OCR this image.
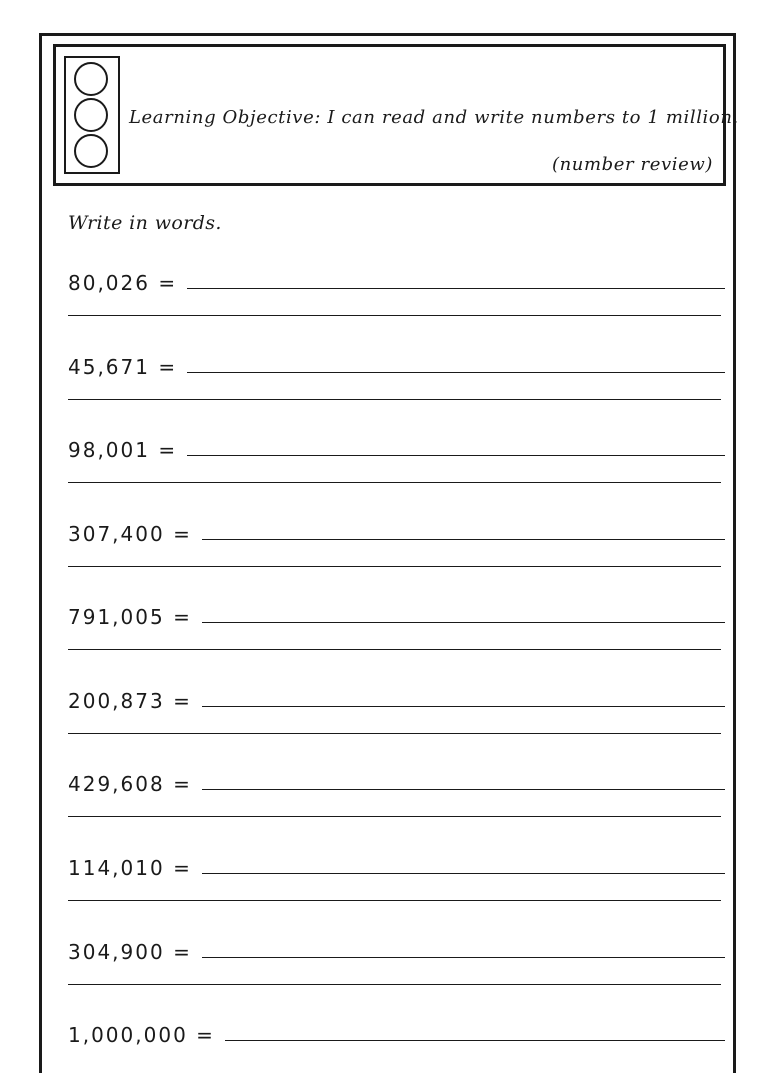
Learning Objective: I can read and write numbers to 1 million.
(number review)
Write in words.
80,026 =
45,671 =
98,001 =
307,400 =
791,005 =
200,873 =
429,608 =
114,010 =
304,900 =
1,000,000 =
